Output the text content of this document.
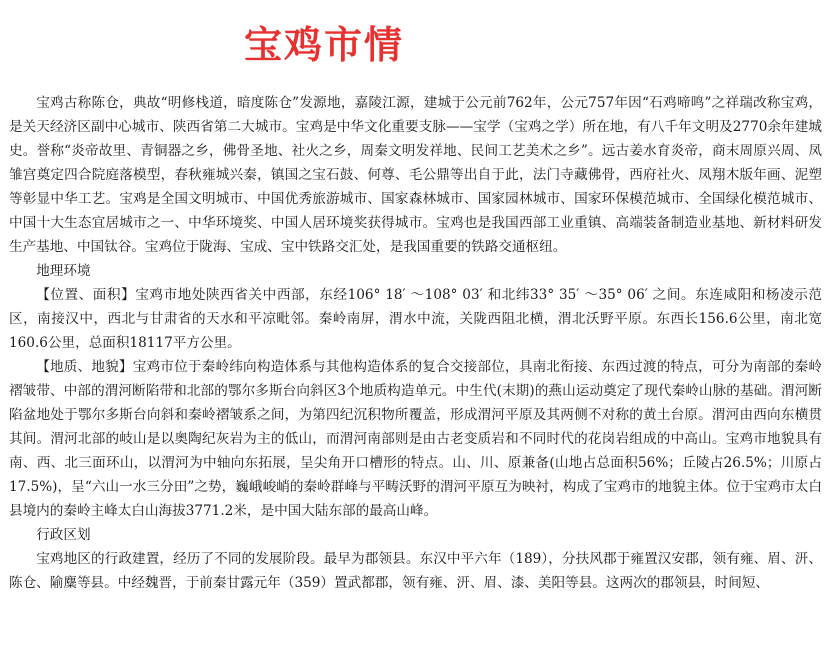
宝鸡市情

宝鸡古称陈仓，典故“明修栈道，暗度陈仓”发源地，嘉陵江源，建城于公元前762年，公元757年因“石鸡啼鸣”之祥瑞改称宝鸡，是关天经济区副中心城市、陕西省第二大城市。宝鸡是中华文化重要支脉——宝学（宝鸡之学）所在地，有八千年文明及2770余年建城史。誉称“炎帝故里、青铜器之乡，佛骨圣地、社火之乡，周秦文明发祥地、民间工艺美术之乡”。远古姜水育炎帝，商末周原兴周、凤雏宫奠定四合院庭落模型，春秋雍城兴秦，镇国之宝石鼓、何尊、毛公鼎等出自于此，法门寺藏佛骨，西府社火、凤翔木版年画、泥塑等彰显中华工艺。宝鸡是全国文明城市、中国优秀旅游城市、国家森林城市、国家园林城市、国家环保模范城市、全国绿化模范城市、中国十大生态宜居城市之一、中华环境奖、中国人居环境奖获得城市。宝鸡也是我国西部工业重镇、高端装备制造业基地、新材料研发生产基地、中国钛谷。宝鸡位于陇海、宝成、宝中铁路交汇处，是我国重要的铁路交通枢纽。

地理环境

【位置、面积】宝鸡市地处陕西省关中西部，东经106° 18′ ～108° 03′ 和北纬33° 35′ ～35° 06′ 之间。东连咸阳和杨凌示范区，南接汉中，西北与甘肃省的天水和平凉毗邻。秦岭南屏，渭水中流，关陇西阻北横，渭北沃野平原。东西长156.6公里，南北宽160.6公里，总面积18117平方公里。

【地质、地貌】宝鸡市位于秦岭纬向构造体系与其他构造体系的复合交接部位，具南北衔接、东西过渡的特点，可分为南部的秦岭褶皱带、中部的渭河断陷带和北部的鄂尔多斯台向斜区3个地质构造单元。中生代(末期)的燕山运动奠定了现代秦岭山脉的基础。渭河断陷盆地处于鄂尔多斯台向斜和秦岭褶皱系之间，为第四纪沉积物所覆盖，形成渭河平原及其两侧不对称的黄土台原。渭河由西向东横贯其间。渭河北部的岐山是以奥陶纪灰岩为主的低山，而渭河南部则是由古老变质岩和不同时代的花岗岩组成的中高山。宝鸡市地貌具有南、西、北三面环山，以渭河为中轴向东拓展，呈尖角开口槽形的特点。山、川、原兼备(山地占总面积56%；丘陵占26.5%；川原占17.5%)，呈“六山一水三分田”之势，巍峨峻峭的秦岭群峰与平畴沃野的渭河平原互为映衬，构成了宝鸡市的地貌主体。位于宝鸡市太白县境内的秦岭主峰太白山海拔3771.2米，是中国大陆东部的最高山峰。

行政区划

宝鸡地区的行政建置，经历了不同的发展阶段。最早为郡领县。东汉中平六年（189），分扶风郡于雍置汉安郡，领有雍、眉、汧、陈仓、隃麋等县。中经魏晋，于前秦甘露元年（359）置武都郡，领有雍、汧、眉、漆、美阳等县。这两次的郡领县，时间短、
